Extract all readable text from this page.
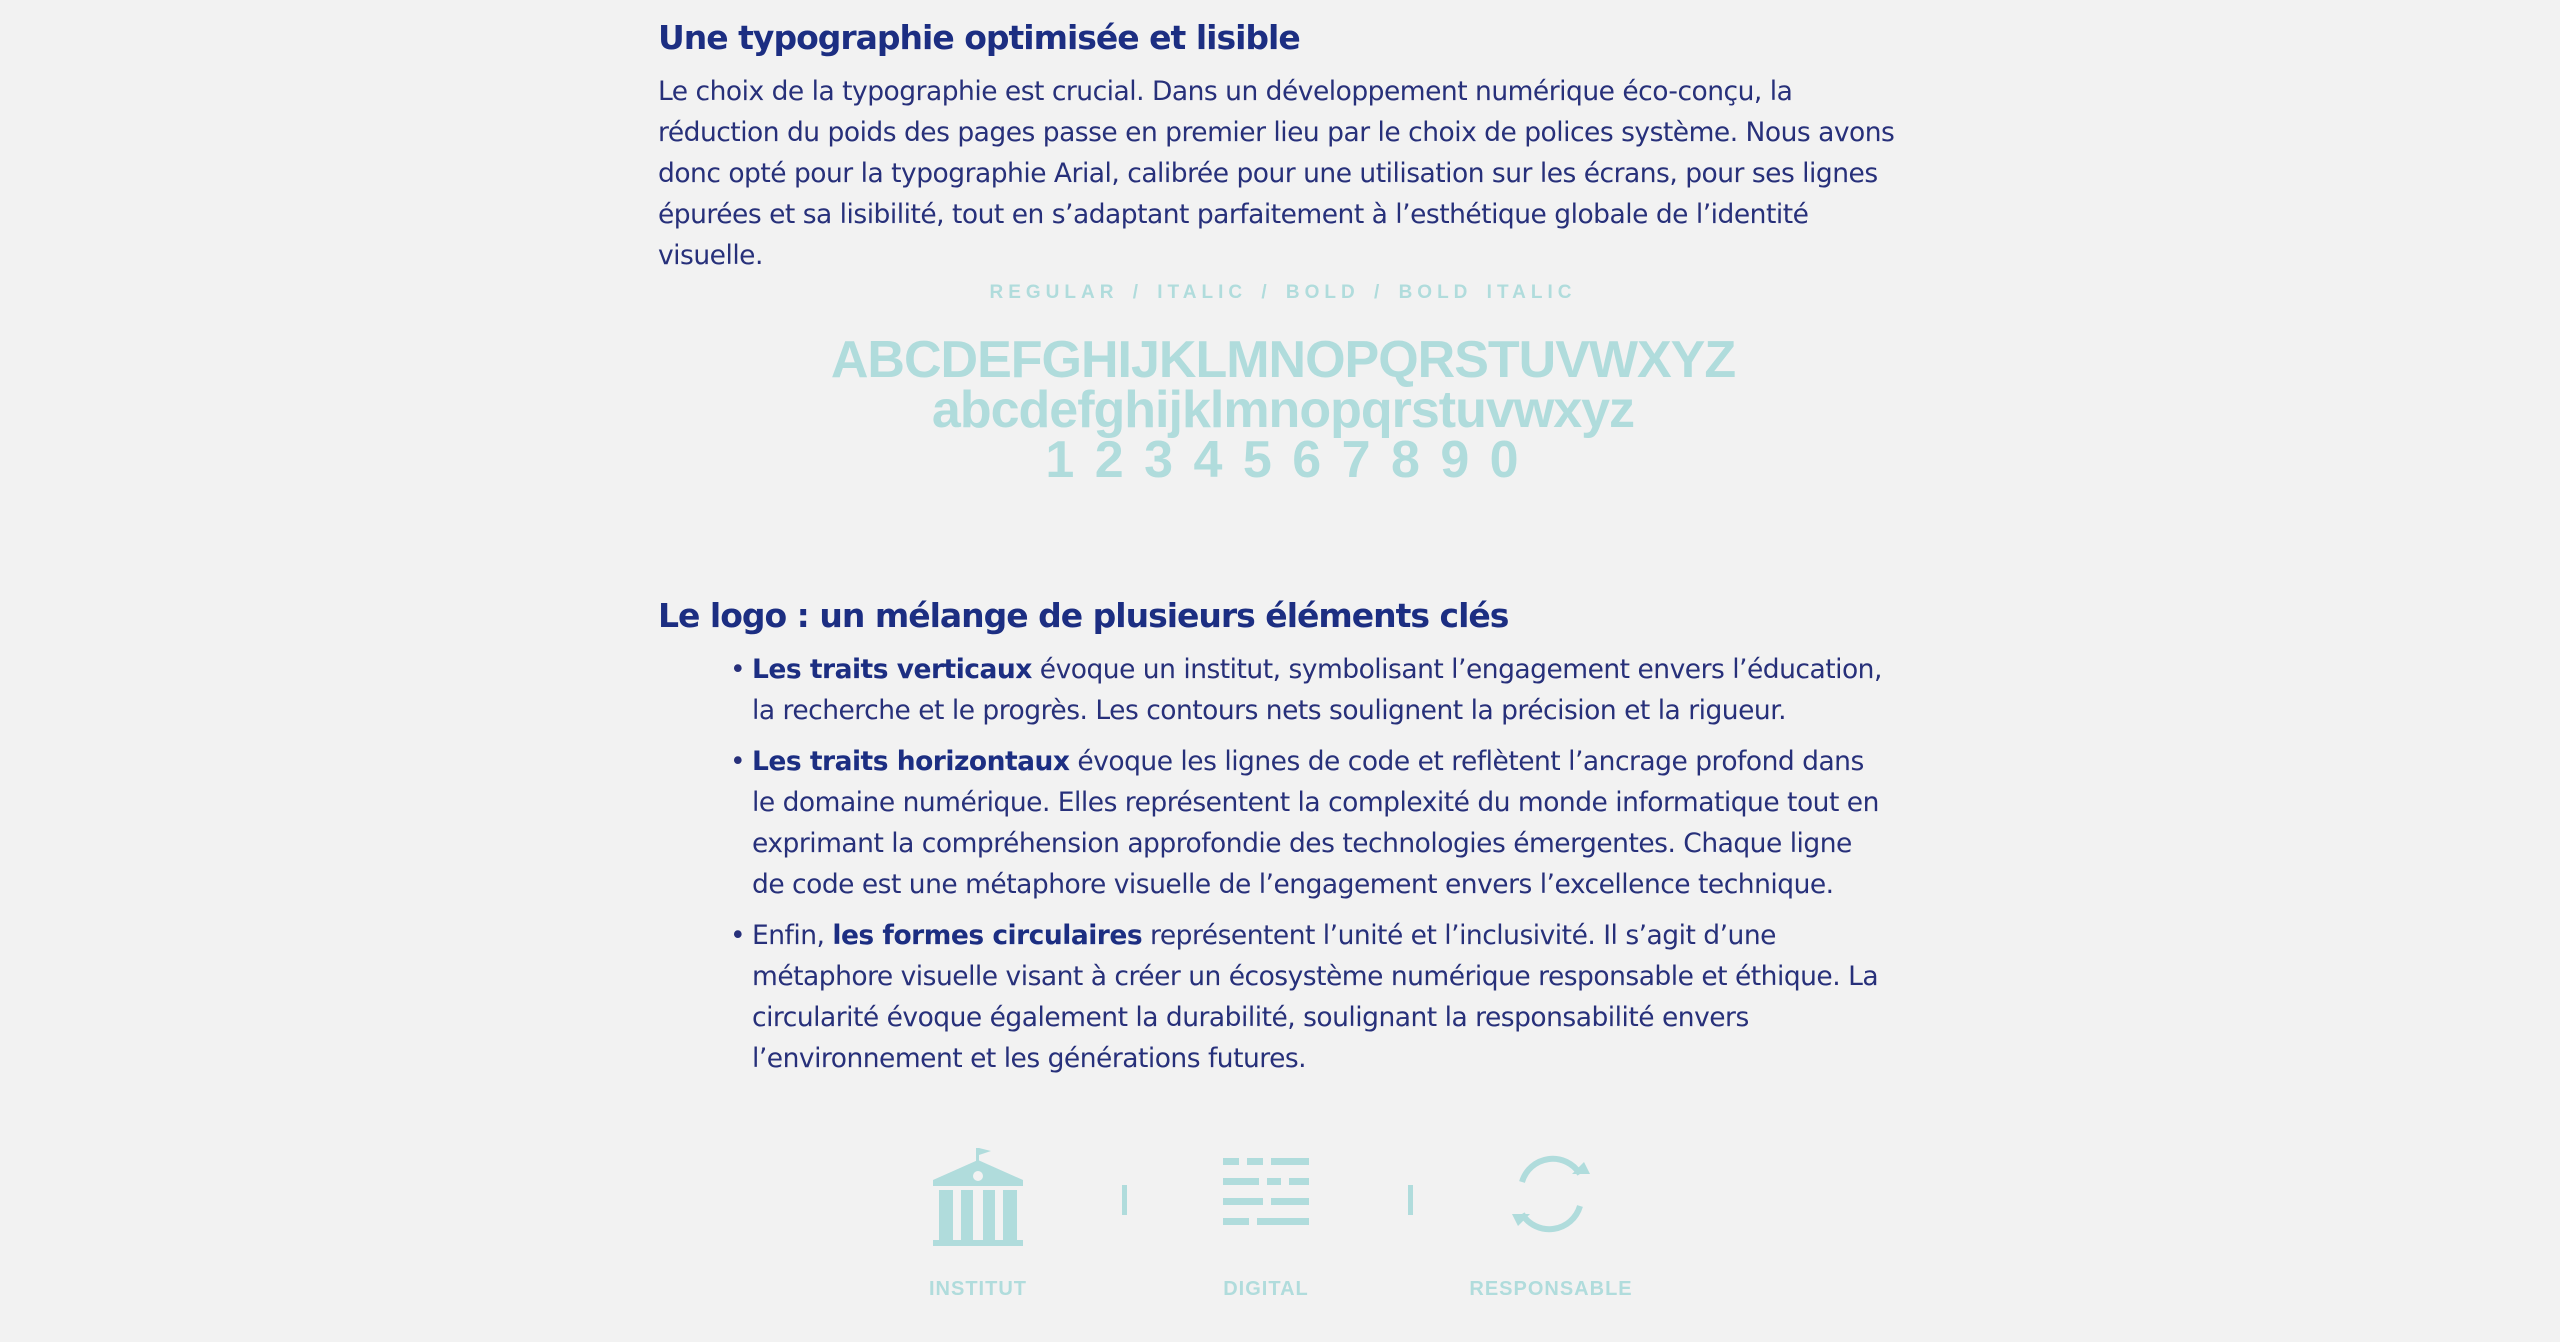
Une typographie optimisée et lisible

Le choix de la typographie est crucial. Dans un développement numérique éco-conçu, la réduction du poids des pages passe en premier lieu par le choix de polices système. Nous avons donc opté pour la typographie Arial, calibrée pour une utilisation sur les écrans, pour ses lignes épurées et sa lisibilité, tout en s’adaptant parfaitement à l’esthétique globale de l’identité visuelle.

REGULAR / ITALIC / BOLD / BOLD ITALIC
ABCDEFGHIJKLMNOPQRSTUVWXYZ
abcdefghijklmnopqrstuvwxyz
1 2 3 4 5 6 7 8 9 0
Le logo : un mélange de plusieurs éléments clés
• Les traits verticaux évoque un institut, symbolisant l’engagement envers l’éducation, la recherche et le progrès. Les contours nets soulignent la précision et la rigueur.
• Les traits horizontaux évoque les lignes de code et reflètent l’ancrage profond dans le domaine numérique. Elles représentent la complexité du monde informatique tout en exprimant la compréhension approfondie des technologies émergentes. Chaque ligne de code est une métaphore visuelle de l’engagement envers l’excellence technique.
• Enfin, les formes circulaires représentent l’unité et l’inclusivité. Il s’agit d’une métaphore visuelle visant à créer un écosystème numérique responsable et éthique. La circularité évoque également la durabilité, soulignant la responsabilité envers l’environnement et les générations futures.
INSTITUT	DIGITAL	RESPONSABLE
